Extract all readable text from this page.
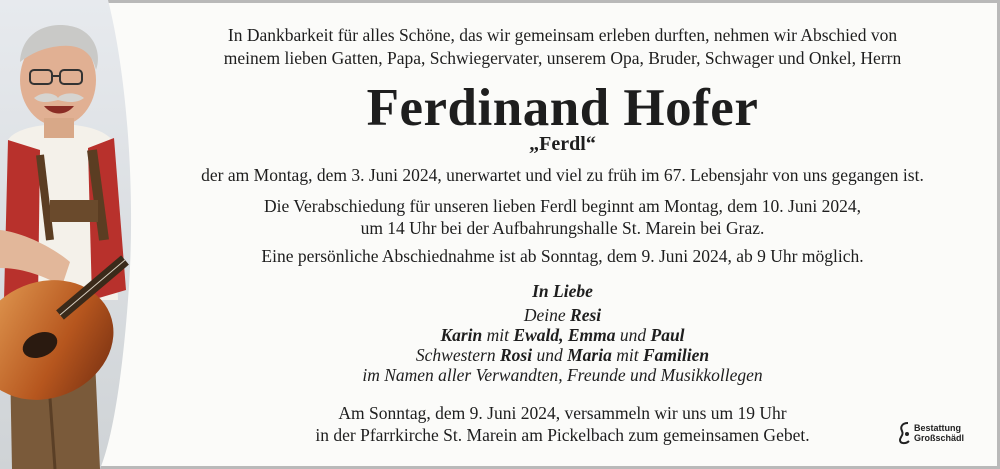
In Dankbarkeit für alles Schöne, das wir gemeinsam erleben durften, nehmen wir Abschied von
meinem lieben Gatten, Papa, Schwiegervater, unserem Opa, Bruder, Schwager und Onkel, Herrn
Ferdinand Hofer
„Ferdl“
der am Montag, dem 3. Juni 2024, unerwartet und viel zu früh im 67. Lebensjahr von uns gegangen ist.
Die Verabschiedung für unseren lieben Ferdl beginnt am Montag, dem 10. Juni 2024,
um 14 Uhr bei der Aufbahrungshalle St. Marein bei Graz.
Eine persönliche Abschiednahme ist ab Sonntag, dem 9. Juni 2024, ab 9 Uhr möglich.
In Liebe
Deine Resi
Karin mit Ewald, Emma und Paul
Schwestern Rosi und Maria mit Familien
im Namen aller Verwandten, Freunde und Musikkollegen
Am Sonntag, dem 9. Juni 2024, versammeln wir uns um 19 Uhr
in der Pfarrkirche St. Marein am Pickelbach zum gemeinsamen Gebet.	Bestattung
Großschädl
